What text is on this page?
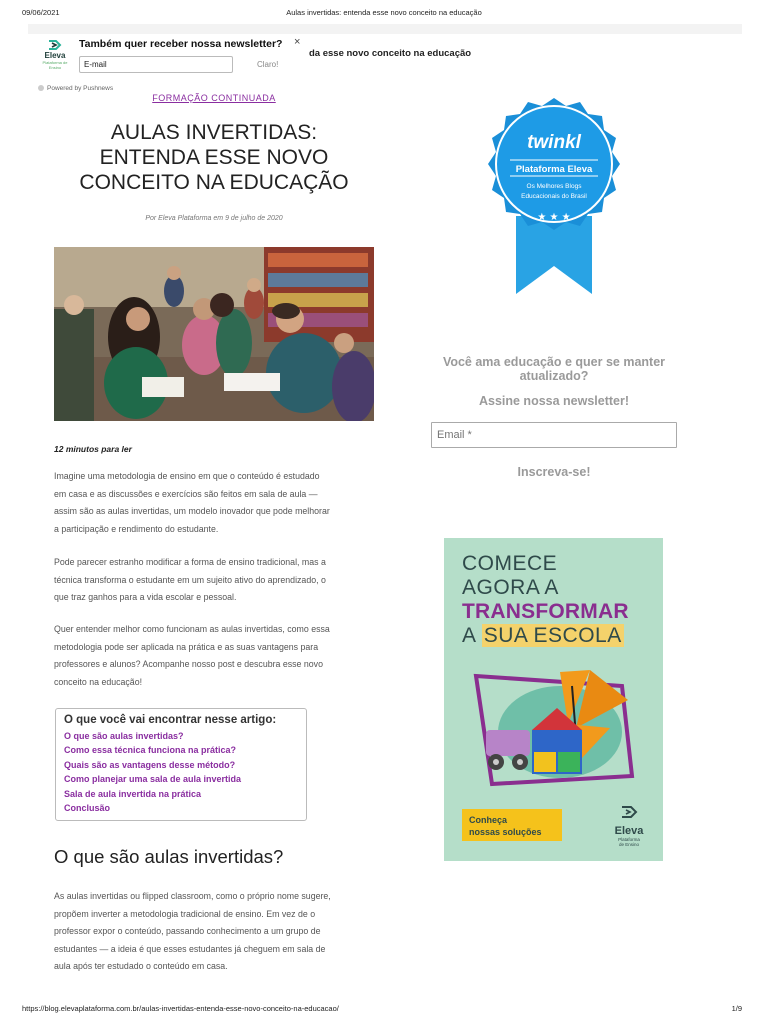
09/06/2021	Aulas invertidas: entenda esse novo conceito na educação
da esse novo conceito na educação
Eleva
Plataforma de Ensino
Também quer receber nossa newsletter? ×
E-mail
Claro!
Powered by Pushnews
FORMAÇÃO CONTINUADA
AULAS INVERTIDAS:
ENTENDA ESSE NOVO
CONCEITO NA EDUCAÇÃO
Por Eleva Plataforma em 9 de julho de 2020
12 minutos para ler
Imagine uma metodologia de ensino em que o conteúdo é estudado
em casa e as discussões e exercícios são feitos em sala de aula —
assim são as aulas invertidas, um modelo inovador que pode melhorar
a participação e rendimento do estudante.
Pode parecer estranho modificar a forma de ensino tradicional, mas a
técnica transforma o estudante em um sujeito ativo do aprendizado, o
que traz ganhos para a vida escolar e pessoal.
Quer entender melhor como funcionam as aulas invertidas, como essa
metodologia pode ser aplicada na prática e as suas vantagens para
professores e alunos? Acompanhe nosso post e descubra esse novo
conceito na educação!
O que você vai encontrar nesse artigo:
O que são aulas invertidas?
Como essa técnica funciona na prática?
Quais são as vantagens desse método?
Como planejar uma sala de aula invertida
Sala de aula invertida na prática
Conclusão
O que são aulas invertidas?
As aulas invertidas ou flipped classroom, como o próprio nome sugere,
propõem inverter a metodologia tradicional de ensino. Em vez de o
professor expor o conteúdo, passando conhecimento a um grupo de
estudantes — a ideia é que esses estudantes já cheguem em sala de
aula após ter estudado o conteúdo em casa.
★ ★ ★
twinkl
Plataforma Eleva
Os Melhores Blogs
Educacionais do Brasil
Você ama educação e quer se manter atualizado?
Assine nossa newsletter!
Email *
Inscreva-se!
COMECE
AGORA A
TRANSFORMAR
A SUA ESCOLA
Conheça
nossas soluções	Eleva
Plataforma
de Ensino
https://blog.elevaplataforma.com.br/aulas-invertidas-entenda-esse-novo-conceito-na-educacao/	1/9
